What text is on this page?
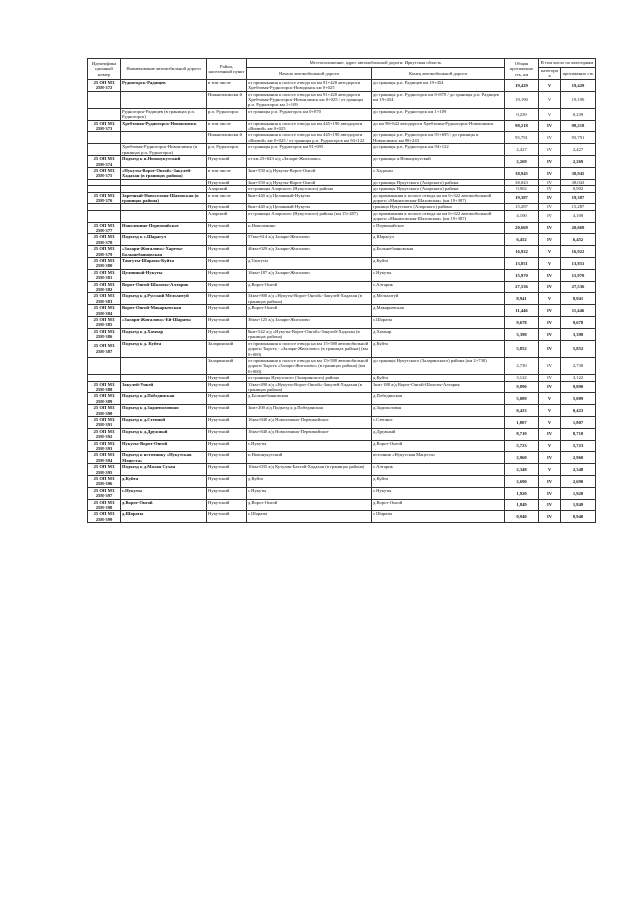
Идентифика ционный номер	Наименование автомобильной дороги	Район, населенный пункт	Местоположение, адрес автомобильной дороги: Иркутская область		Общая протяженно сть, км	В том числе по категориям	
			Начало автомобильной дороги	Конец автомобильной дороги			
						категори я	протяженно сть
25 ОП МЗ 25Н-372	Рудногорск-Радищев	в том числе	от примыкания к полосе отвода на км 91+420 автодороги Хребтовая-Рудногорск-Новодинск км 0+025	до границы р.п. Радищев км 19+454	19,429	V	19,429
		Нижнеилимски й	от примыкания к полосе отвода на км 91+420 автодороги Хребтовая-Рудногорск-Новоилимск км 0+025 / от границы р.п. Рудногорск км 1+109	до границы р.п. Рудногорск км 0+870 / до границы р.п. Радищев км 19+454	19,190	V	19,190
	Рудногорск-Радищев (в границах р.п. Рудногорск)	р.п. Рудногорск	от границы р.п. Рудногорск км 0+870	до границы р.п. Рудногорск км 1+109	0,239	V	0,239
25 ОП МЗ 25Н-373	Хребтовая-Рудногорск-Новоилимск	в том числе	от примыкания к полосе отвода на км 445+190 автодороги «Вилюй» км 0+025	до км 98+642 автодороги Хребтовая-Рудногорск-Новоилимск	98,218	IV	98,218
		Нижнеилимски й	от примыкания к полосе отвода на км 445+190 автодороги «Вилюй» км 0+025 / от границы р.п. Рудногорск км 94+122	до границы р.п. Рудногорск км 91+695 / до границы п. Новоилимск км 98+243	95,791	IV	95,791
	Хребтовая-Рудногорск-Новоилимск (в границах р.п. Рудногорск)	р.п. Рудногорск	от границы р.п. Рудногорск км 91+695	до границы р.п. Рудногорск км 94+122	2,427	IV	2,427
25 ОП МЗ 25Н-374	Подъезд к п.Новонукутский	Нукутский	от км 25+643 а/д «Залари-Жигалово»	до границы п.Новонукутский	2,269	IV	2,269
25 ОП МЗ 25Н-375	«Нукуты-Ворот-Онгой»-Закулей-Хадахан (в границах района)	в том числе	3км+550 а/д Нукуты-Ворот-Онгой	с.Хадахан	38,945	IV	38,945
		Нукутский	3км+550 а/д Нукуты-Ворот-Онгой	до границы Нукутского (Аларского) района	38,043	IV	38,043
		Аларский	от границы Аларского (Нукутского) района	до границы Нукутского (Аларского) района	0,902	IV	0,902
25 ОП МЗ 25Н-376	Заречный-Новоселова-Шаховская (в границах района)	в том числе	8км+440 а/д Целинный-Нукуты	до примыкания к полосе отвода на км 6+322 автомобильной дороги «Маниловская-Шаховская» (км 19+387)	19,387	IV	19,387
		Нукутский	8км+440 а/д Целинный-Нукуты	граница Нукутского (Аларского) района	15,287	IV	15,287
		Аларский	от границы Аларского (Нукутского) района (км 15+287)	до примыкания к полосе отвода на км 6+322 автомобильной дороги «Маниловская-Шаховская» (км 19+387)	4,100	IV	4,100
25 ОП МЗ 25Н-377	Новоленино-Первомайское	Нукутский	п.Новоленино	с.Первомайское	20,669	IV	20,669
25 ОП МЗ 25Н-378	Подъезд к с.Шарагул	Нукутский	57км+614 а/д Залари-Жигалово	д.Шарагул	6,452	IV	6,452
25 ОП МЗ 25Н-379	«Залари-Жигалово»-Хареты-Большебаяновская	Нукутский	46км+029 а/д Залари-Жигалово	д.Большебаяновская	16,922	V	16,922
25 ОП МЗ 25Н-380	Тангуты-Шараты-Куйта	Нукутский	д.Тангуты	д.Куйта	13,851	V	13,851
25 ОП МЗ 25Н-381	Целинный-Нукуты	Нукутский	16км+187 а/д Залари-Жигалово	с.Нукуты	15,970	IV	15,970
25 ОП МЗ 25Н-382	Ворот-Онгой-Шалоты-Алтарик	Нукутский	д.Ворот-Онгой	с.Алтарик	27,536	IV	27,536
25 ОП МЗ 25Н-383	Подъезд к д.Русский Мельхитуй	Нукутский	34км+900 а/д «Нукуты-Ворот-Онгой»-Закулей-Хадахан (в границах района)	д.Мельхитуй	8,941	V	8,941
25 ОП МЗ 25Н-384	Ворот-Онгой-Макарьевская	Нукутский	д.Ворот-Онгой	д.Макарьевская	11,446	IV	11,446
25 ОП МЗ 25Н-385	«Залари-Жигалово»-Ей-Шараты	Нукутский	36км+125 а/д Залари-Жигалово	с.Шараты	9,678	IV	9,678
25 ОП МЗ 25Н-386	Подъезд к д.Хамхар	Нукутский	8км+542 а/д «Нукуты-Ворот-Онгой»-Закулей-Хадахан (в границах района)	д.Хамхар	3,398	IV	3,398
25 ОП МЗ 25Н-387	Подъезд к д. Куйта	Заларинский	от примыкания к полосе отвода на км 15+580 автомобильной дороги Тырсть - «Залари-Жигалово» (в границах района) (км 0+000)	д.Куйта	5,852	IV	5,852
		Заларинский	от примыкания к полосе отвода на км 15+580 автомобильной дороги Тырсть «Залари-Жигалово» (в границах района) (км 0+000)	до границы Нукутского (Заларинского) района (км 2+730)	2,730	IV	2,730
		Нукутский	от границы Нукутского (Заларинского) района	д.Куйта	3,122	IV	3,122
25 ОП МЗ 25Н-388	Закулей-Ункей	Нукутский	13км+490 а/д «Нукуты-Ворот-Онгой»-Закулей-Хадахан (в границах района)	3км+188 а/д Ворот-Онгой-Шалоты-Алтарик	9,890	IV	9,890
25 ОП МЗ 25Н-389	Подъезд к д.Побединская	Нукутский	д.Большебаяновская	д.Побединская	5,089	V	5,089
25 ОП МЗ 25Н-390	Подъезд к д.Заднеполовная	Нукутский	3км+200 а/д Подъезд к д.Побединская	д.Задиполовая	0,423	V	0,423
25 ОП МЗ 25Н-391	Подъезд к д.Степной	Нукутский	16км+840 а/д Новоленино-Первомайское	с.Степное	1,807	V	1,807
25 ОП МЗ 25Н-392	Подъезд к д.Дружный	Нукутский	16км+840 а/д Новоленино-Первомайское	д.Дружный	8,710	IV	8,710
25 ОП МЗ 25Н-393	Нукуты-Ворот-Онгой	Нукутский	с.Нукуты	д.Ворот-Онгой	5,723	V	5,723
25 ОП МЗ 25Н-394	Подъезд к источнику «Нукутская Мацеста»	Нукутский	п.Новонукутский	источник «Нукутская Мацеста»	2,960	IV	2,960
25 ОП МЗ 25Н-395	Подъезд к д.Малая Сухая	Нукутский	10км+035 а/д Кутулик-Бахтай-Хадахан (в границах района)	с.Алтарик	2,348	V	2,348
25 ОП МЗ 25Н-396	д.Куйта	Нукутский	д.Куйта	д.Куйта	2,690	IV	2,690
25 ОП МЗ 25Н-397	с.Нукуты	Нукутский	с.Нукуты	с.Нукуты	1,920	IV	1,920
25 ОП МЗ 25Н-398	д.Ворот-Онгой	Нукутский	д.Ворот-Онгой	д.Ворот-Онгой	1,849	IV	1,849
25 ОП МЗ 25Н-399	д.Шараты	Нукутский	с.Шараты	с.Шараты	0,940	IV	0,940
